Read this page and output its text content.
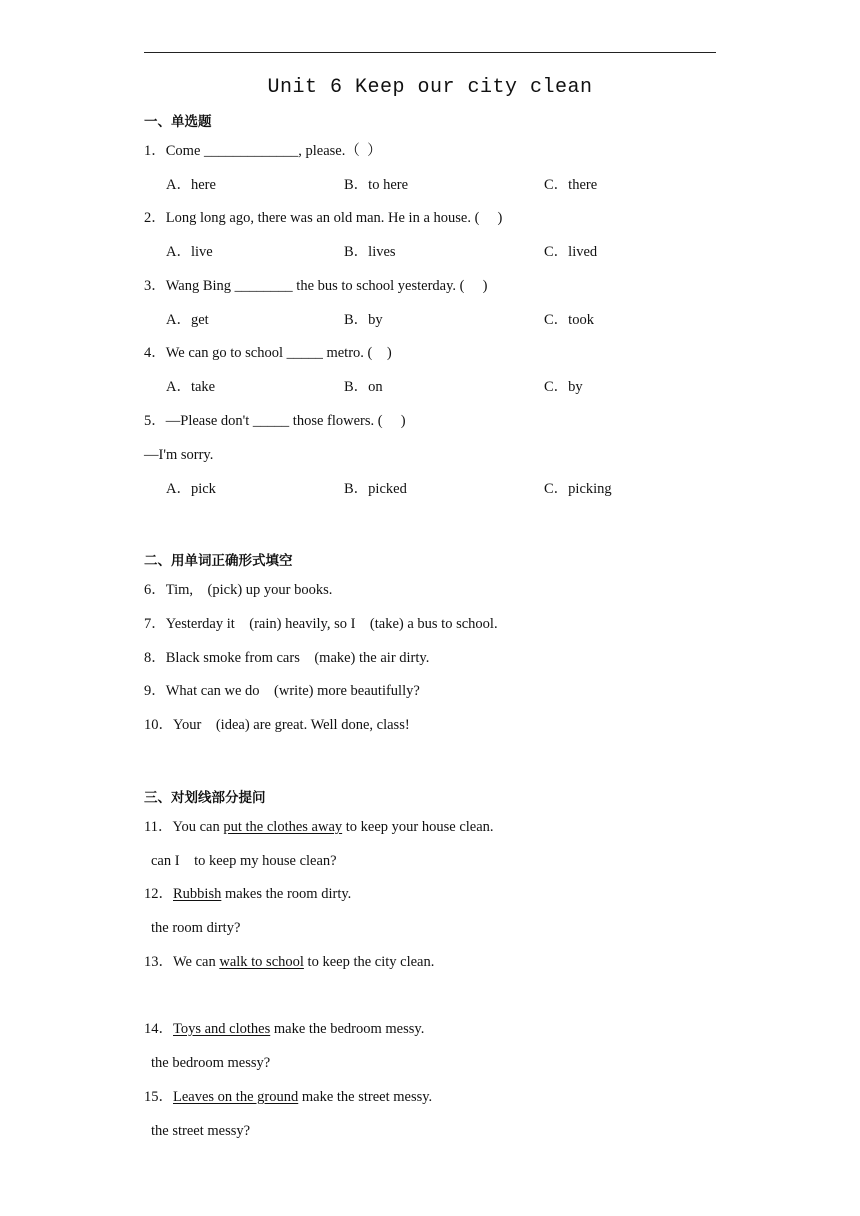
Unit 6 Keep our city clean
一、单选题
1．Come _____________, please.（  ）
A．here	B．to here	C．there
2．Long long ago, there was an old man. He in a house. (     )
A．live	B．lives	C．lived
3．Wang Bing ________ the bus to school yesterday. (     )
A．get	B．by	C．took
4．We can go to school _____ metro. (    )
A．take	B．on	C．by
5．—Please don't _____ those flowers. (     )
—I'm sorry.
A．pick	B．picked	C．picking
二、用单词正确形式填空
6．Tim,    (pick) up your books.
7．Yesterday it    (rain) heavily, so I    (take) a bus to school.
8．Black smoke from cars    (make) the air dirty.
9．What can we do    (write) more beautifully?
10．Your    (idea) are great. Well done, class!
三、对划线部分提问
11．You can put the clothes away to keep your house clean.
can I    to keep my house clean?
12．Rubbish makes the room dirty.
the room dirty?
13．We can walk to school to keep the city clean.
14．Toys and clothes make the bedroom messy.
the bedroom messy?
15．Leaves on the ground make the street messy.
the street messy?
